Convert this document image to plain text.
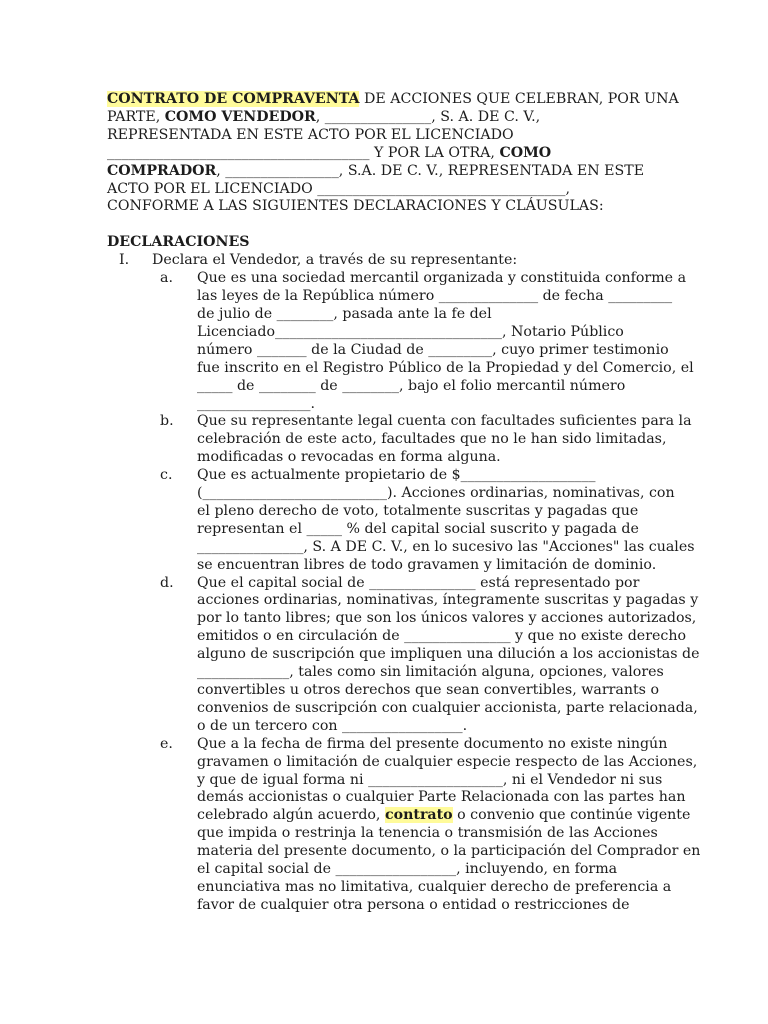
CONTRATO DE COMPRAVENTA DE ACCIONES QUE CELEBRAN, POR UNA
PARTE, COMO VENDEDOR, _______________, S. A. DE C. V.,
REPRESENTADA EN ESTE ACTO POR EL LICENCIADO
_____________________________________ Y POR LA OTRA, COMO
COMPRADOR, ________________, S.A. DE C. V., REPRESENTADA EN ESTE
ACTO POR EL LICENCIADO ___________________________________,
CONFORME A LAS SIGUIENTES DECLARACIONES Y CLÁUSULAS:
DECLARACIONES
I. Declara el Vendedor, a través de su representante:
a. Que es una sociedad mercantil organizada y constituida conforme a
las leyes de la República número ______________ de fecha _________
de julio de ________, pasada ante la fe del
Licenciado________________________________, Notario Público
número _______ de la Ciudad de _________, cuyo primer testimonio
fue inscrito en el Registro Público de la Propiedad y del Comercio, el
_____ de ________ de ________, bajo el folio mercantil número
________________.
b. Que su representante legal cuenta con facultades suficientes para la
celebración de este acto, facultades que no le han sido limitadas,
modificadas o revocadas en forma alguna.
c. Que es actualmente propietario de $___________________
(__________________________). Acciones ordinarias, nominativas, con
el pleno derecho de voto, totalmente suscritas y pagadas que
representan el _____ % del capital social suscrito y pagada de
_______________, S. A DE C. V., en lo sucesivo las "Acciones" las cuales
se encuentran libres de todo gravamen y limitación de dominio.
d. Que el capital social de _______________ está representado por
acciones ordinarias, nominativas, íntegramente suscritas y pagadas y
por lo tanto libres; que son los únicos valores y acciones autorizados,
emitidos o en circulación de _______________ y que no existe derecho
alguno de suscripción que impliquen una dilución a los accionistas de
_____________, tales como sin limitación alguna, opciones, valores
convertibles u otros derechos que sean convertibles, warrants o
convenios de suscripción con cualquier accionista, parte relacionada,
o de un tercero con _________________.
e. Que a la fecha de firma del presente documento no existe ningún
gravamen o limitación de cualquier especie respecto de las Acciones,
y que de igual forma ni ___________________, ni el Vendedor ni sus
demás accionistas o cualquier Parte Relacionada con las partes han
celebrado algún acuerdo, contrato o convenio que continúe vigente
que impida o restrinja la tenencia o transmisión de las Acciones
materia del presente documento, o la participación del Comprador en
el capital social de _________________, incluyendo, en forma
enunciativa mas no limitativa, cualquier derecho de preferencia a
favor de cualquier otra persona o entidad o restricciones de
